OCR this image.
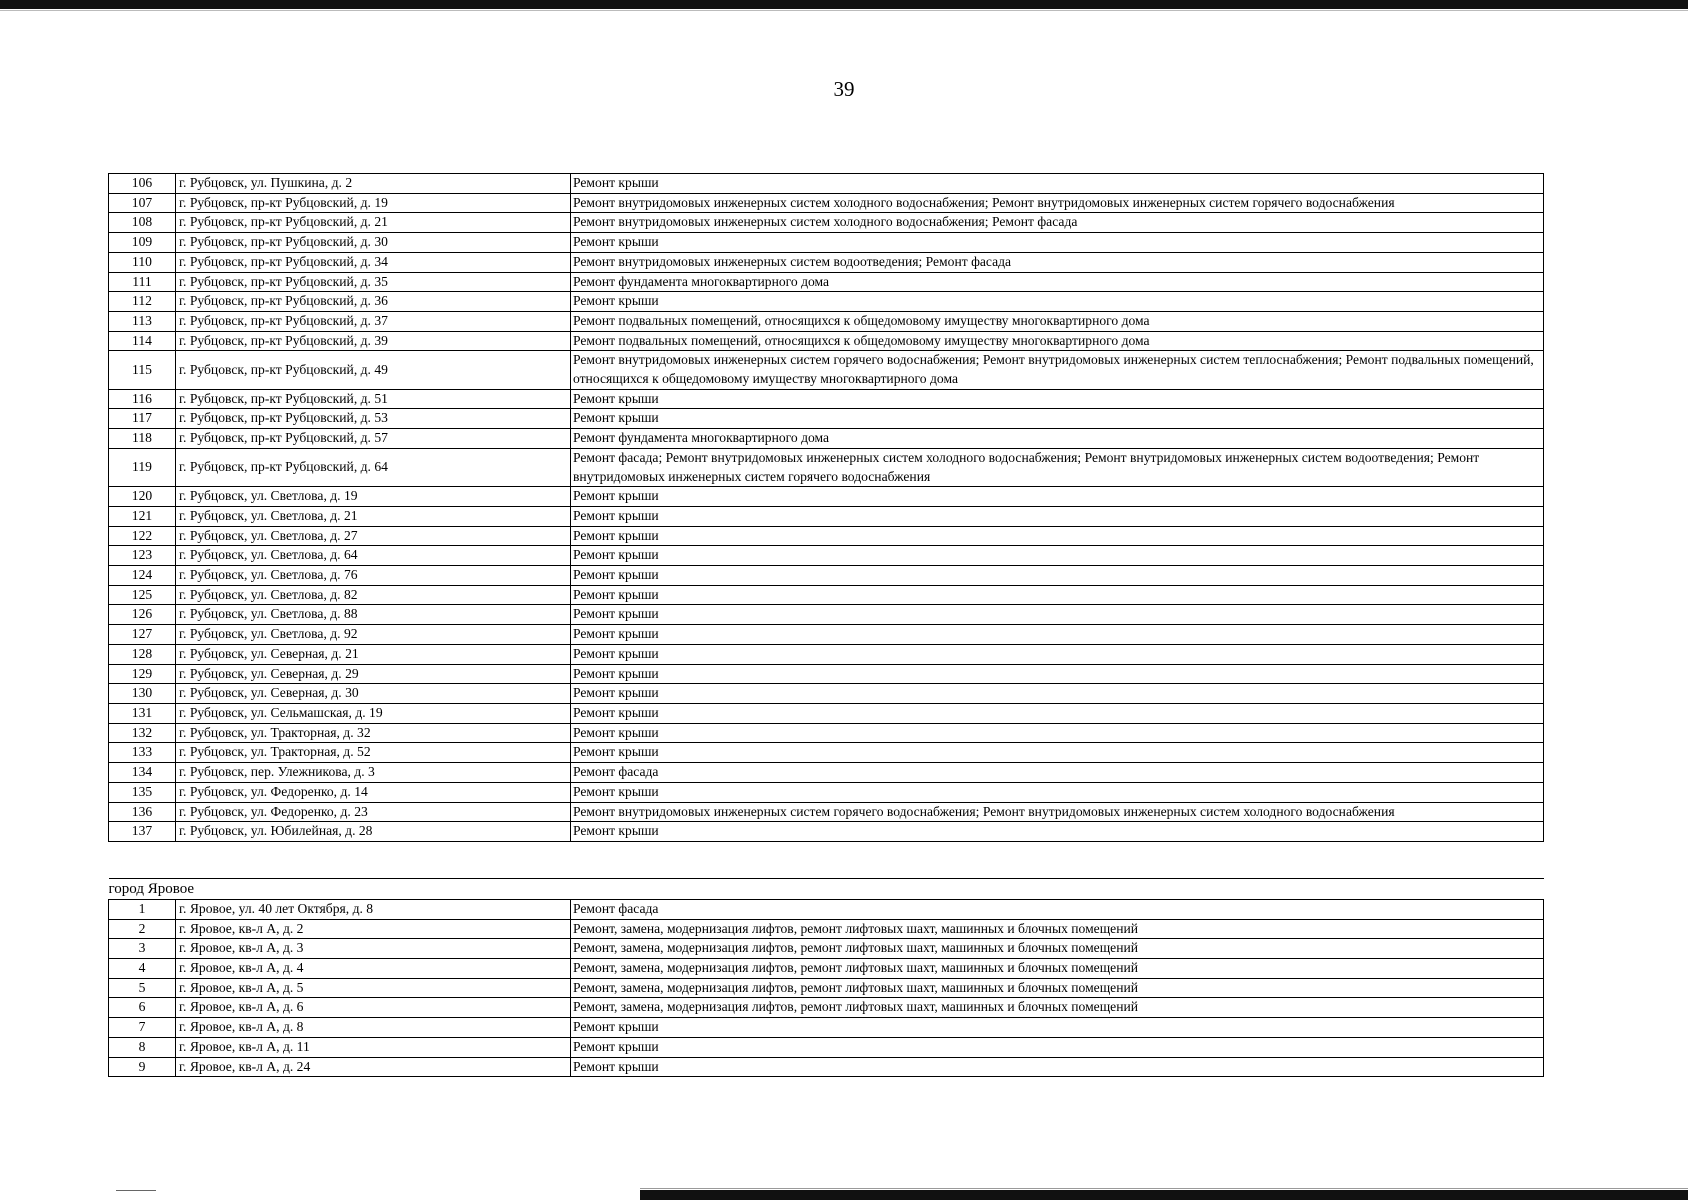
39
106	г. Рубцовск, ул. Пушкина, д. 2	Ремонт крыши
107	г. Рубцовск, пр-кт Рубцовский, д. 19	Ремонт внутридомовых инженерных систем холодного водоснабжения; Ремонт внутридомовых инженерных систем горячего водоснабжения
108	г. Рубцовск, пр-кт Рубцовский, д. 21	Ремонт внутридомовых инженерных систем холодного водоснабжения; Ремонт фасада
109	г. Рубцовск, пр-кт Рубцовский, д. 30	Ремонт крыши
110	г. Рубцовск, пр-кт Рубцовский, д. 34	Ремонт внутридомовых инженерных систем водоотведения; Ремонт фасада
111	г. Рубцовск, пр-кт Рубцовский, д. 35	Ремонт фундамента многоквартирного дома
112	г. Рубцовск, пр-кт Рубцовский, д. 36	Ремонт крыши
113	г. Рубцовск, пр-кт Рубцовский, д. 37	Ремонт подвальных помещений, относящихся к общедомовому имуществу многоквартирного дома
114	г. Рубцовск, пр-кт Рубцовский, д. 39	Ремонт подвальных помещений, относящихся к общедомовому имуществу многоквартирного дома
115	г. Рубцовск, пр-кт Рубцовский, д. 49	Ремонт внутридомовых инженерных систем горячего водоснабжения; Ремонт внутридомовых инженерных систем теплоснабжения; Ремонт подвальных помещений, относящихся к общедомовому имуществу многоквартирного дома
116	г. Рубцовск, пр-кт Рубцовский, д. 51	Ремонт крыши
117	г. Рубцовск, пр-кт Рубцовский, д. 53	Ремонт крыши
118	г. Рубцовск, пр-кт Рубцовский, д. 57	Ремонт фундамента многоквартирного дома
119	г. Рубцовск, пр-кт Рубцовский, д. 64	Ремонт фасада; Ремонт внутридомовых инженерных систем холодного водоснабжения; Ремонт внутридомовых инженерных систем водоотведения; Ремонт внутридомовых инженерных систем горячего водоснабжения
120	г. Рубцовск, ул. Светлова, д. 19	Ремонт крыши
121	г. Рубцовск, ул. Светлова, д. 21	Ремонт крыши
122	г. Рубцовск, ул. Светлова, д. 27	Ремонт крыши
123	г. Рубцовск, ул. Светлова, д. 64	Ремонт крыши
124	г. Рубцовск, ул. Светлова, д. 76	Ремонт крыши
125	г. Рубцовск, ул. Светлова, д. 82	Ремонт крыши
126	г. Рубцовск, ул. Светлова, д. 88	Ремонт крыши
127	г. Рубцовск, ул. Светлова, д. 92	Ремонт крыши
128	г. Рубцовск, ул. Северная, д. 21	Ремонт крыши
129	г. Рубцовск, ул. Северная, д. 29	Ремонт крыши
130	г. Рубцовск, ул. Северная, д. 30	Ремонт крыши
131	г. Рубцовск, ул. Сельмашская, д. 19	Ремонт крыши
132	г. Рубцовск, ул. Тракторная, д. 32	Ремонт крыши
133	г. Рубцовск, ул. Тракторная, д. 52	Ремонт крыши
134	г. Рубцовск, пер. Улежникова, д. 3	Ремонт фасада
135	г. Рубцовск, ул. Федоренко, д. 14	Ремонт крыши
136	г. Рубцовск, ул. Федоренко, д. 23	Ремонт внутридомовых инженерных систем горячего водоснабжения; Ремонт внутридомовых инженерных систем холодного водоснабжения
137	г. Рубцовск, ул. Юбилейная, д. 28	Ремонт крыши

город Яровое		
1	г. Яровое, ул. 40 лет Октября, д. 8	Ремонт фасада
2	г. Яровое, кв-л А, д. 2	Ремонт, замена, модернизация лифтов, ремонт лифтовых шахт, машинных и блочных помещений
3	г. Яровое, кв-л А, д. 3	Ремонт, замена, модернизация лифтов, ремонт лифтовых шахт, машинных и блочных помещений
4	г. Яровое, кв-л А, д. 4	Ремонт, замена, модернизация лифтов, ремонт лифтовых шахт, машинных и блочных помещений
5	г. Яровое, кв-л А, д. 5	Ремонт, замена, модернизация лифтов, ремонт лифтовых шахт, машинных и блочных помещений
6	г. Яровое, кв-л А, д. 6	Ремонт, замена, модернизация лифтов, ремонт лифтовых шахт, машинных и блочных помещений
7	г. Яровое, кв-л А, д. 8	Ремонт крыши
8	г. Яровое, кв-л А, д. 11	Ремонт крыши
9	г. Яровое, кв-л А, д. 24	Ремонт крыши
